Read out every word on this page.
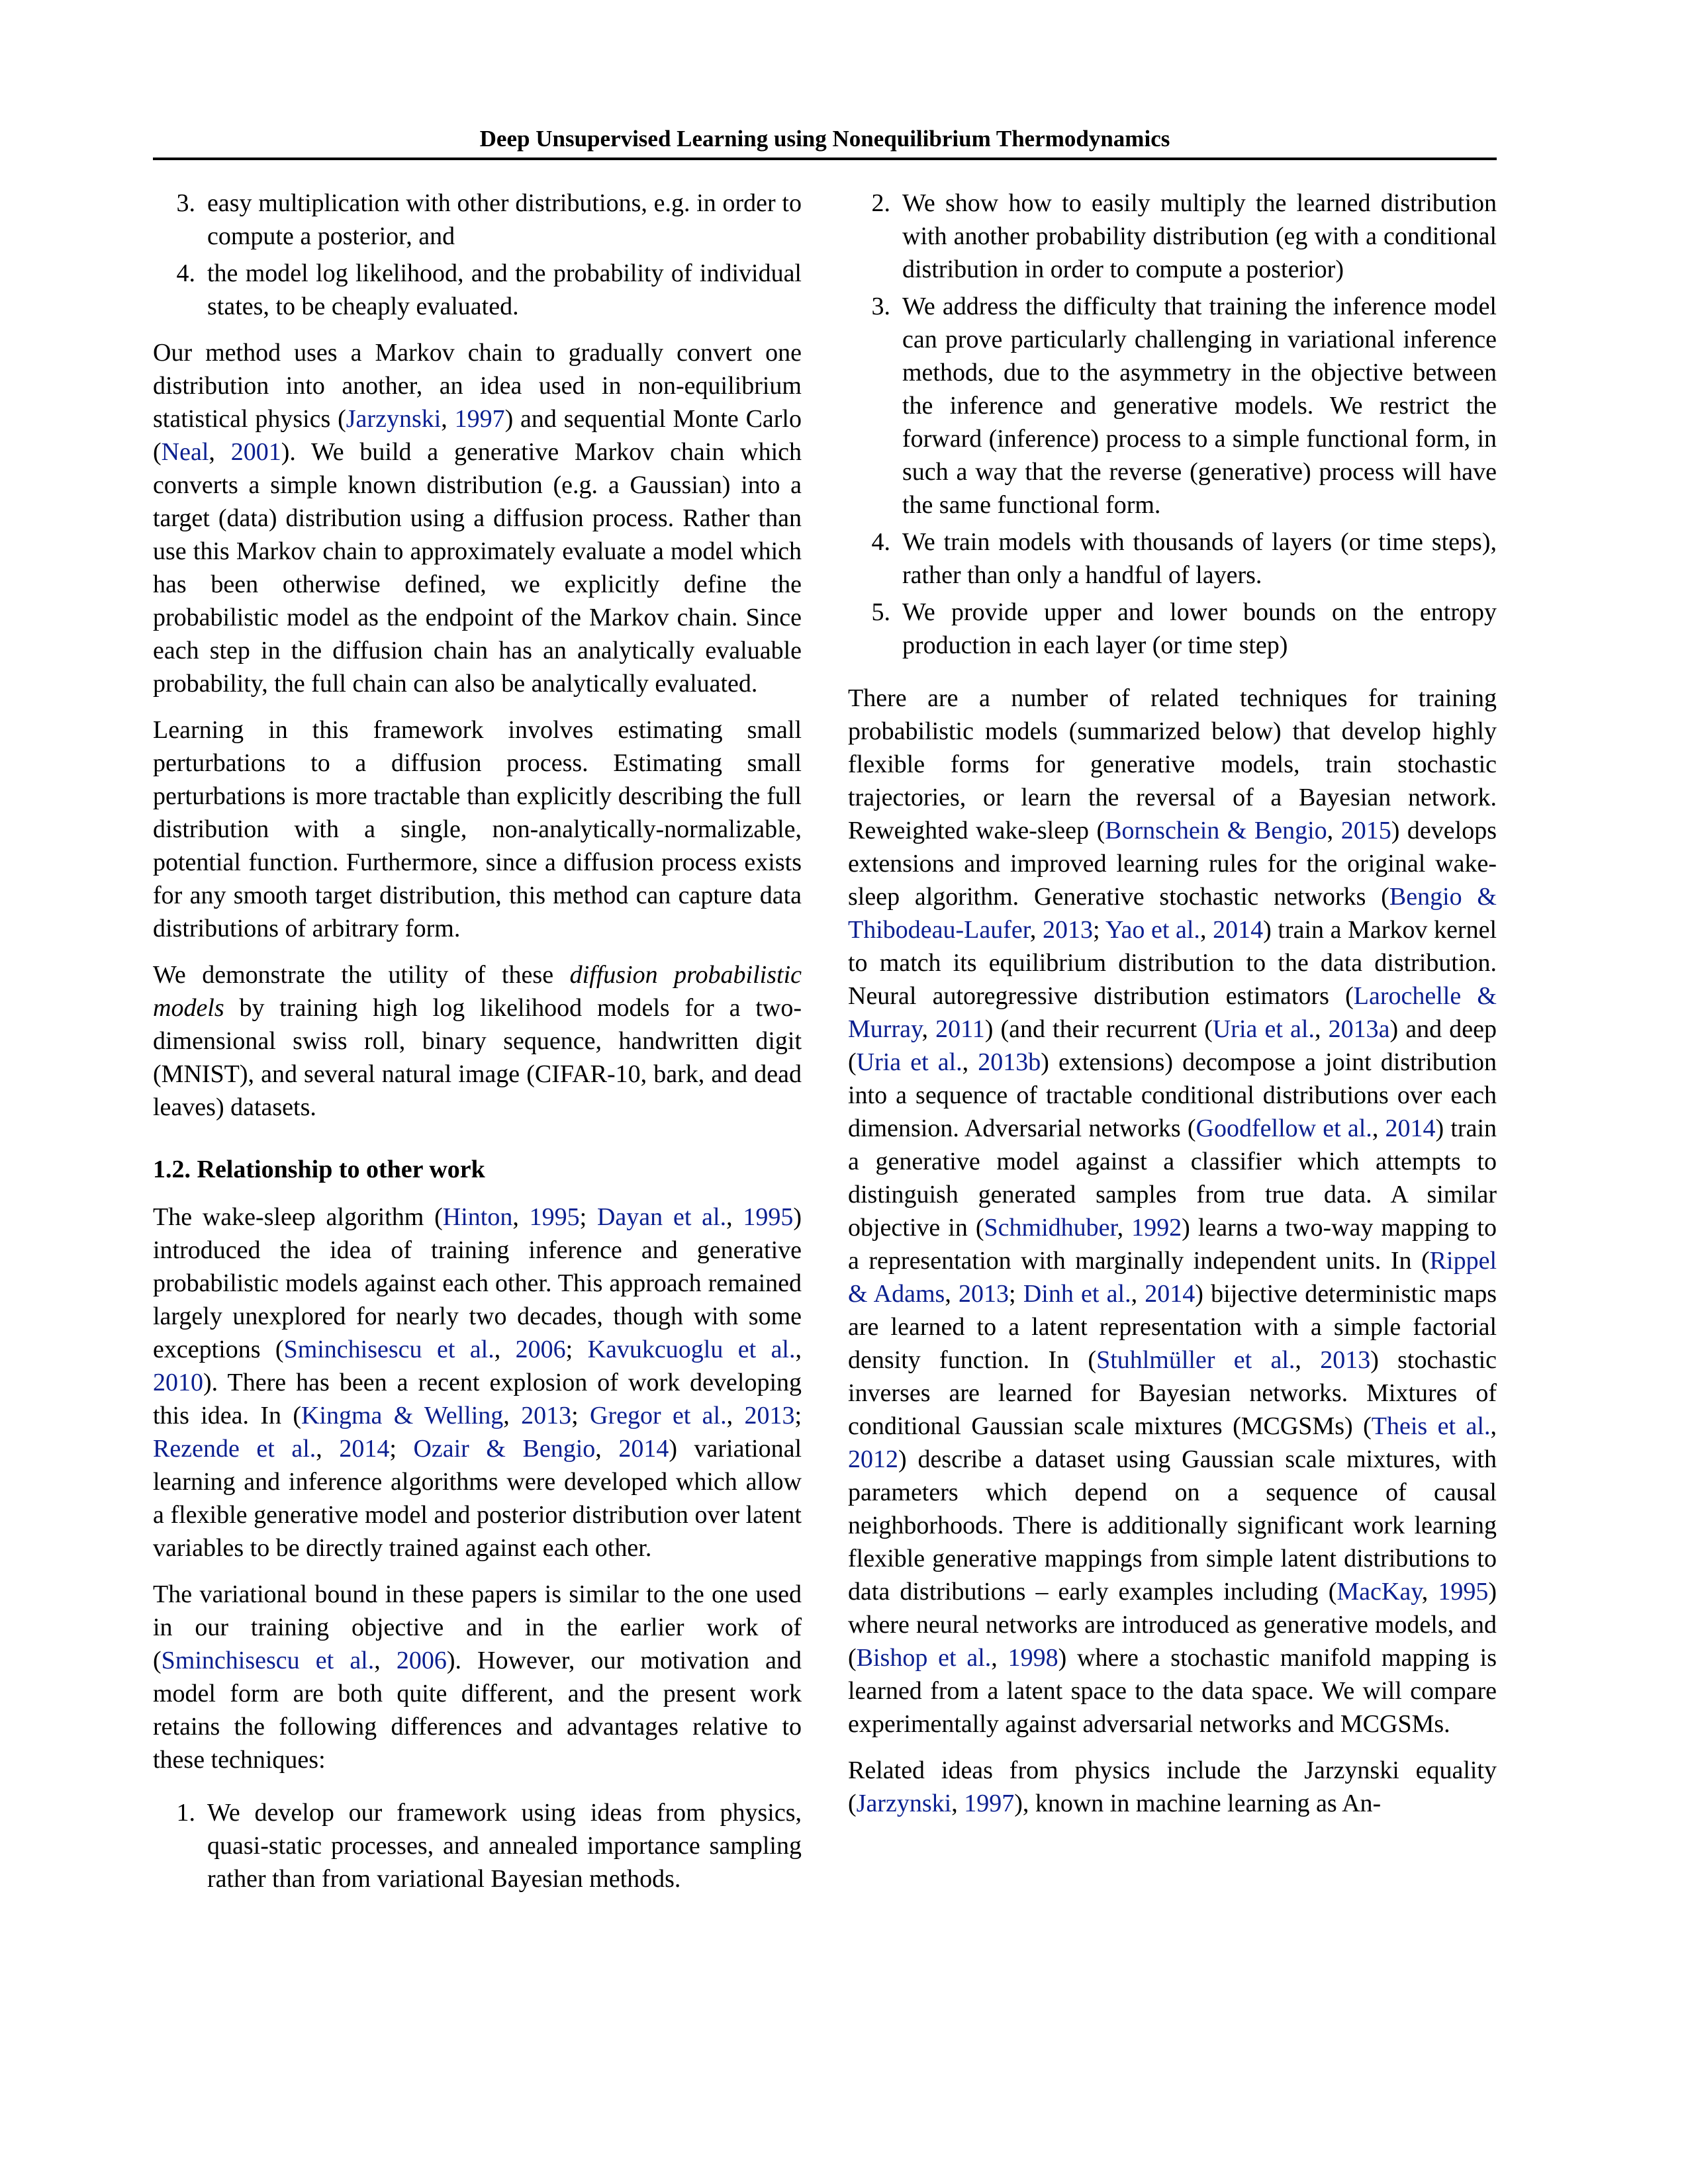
Deep Unsupervised Learning using Nonequilibrium Thermodynamics
3. easy multiplication with other distributions, e.g. in order to compute a posterior, and
4. the model log likelihood, and the probability of individual states, to be cheaply evaluated.

Our method uses a Markov chain to gradually convert one distribution into another, an idea used in non-equilibrium statistical physics (Jarzynski, 1997) and sequential Monte Carlo (Neal, 2001). We build a generative Markov chain which converts a simple known distribution (e.g. a Gaussian) into a target (data) distribution using a diffusion process. Rather than use this Markov chain to approximately evaluate a model which has been otherwise defined, we explicitly define the probabilistic model as the endpoint of the Markov chain. Since each step in the diffusion chain has an analytically evaluable probability, the full chain can also be analytically evaluated.

Learning in this framework involves estimating small perturbations to a diffusion process. Estimating small perturbations is more tractable than explicitly describing the full distribution with a single, non-analytically-normalizable, potential function. Furthermore, since a diffusion process exists for any smooth target distribution, this method can capture data distributions of arbitrary form.

We demonstrate the utility of these diffusion probabilistic models by training high log likelihood models for a two-dimensional swiss roll, binary sequence, handwritten digit (MNIST), and several natural image (CIFAR-10, bark, and dead leaves) datasets.

1.2. Relationship to other work

The wake-sleep algorithm (Hinton, 1995; Dayan et al., 1995) introduced the idea of training inference and generative probabilistic models against each other. This approach remained largely unexplored for nearly two decades, though with some exceptions (Sminchisescu et al., 2006; Kavukcuoglu et al., 2010). There has been a recent explosion of work developing this idea. In (Kingma & Welling, 2013; Gregor et al., 2013; Rezende et al., 2014; Ozair & Bengio, 2014) variational learning and inference algorithms were developed which allow a flexible generative model and posterior distribution over latent variables to be directly trained against each other.

The variational bound in these papers is similar to the one used in our training objective and in the earlier work of (Sminchisescu et al., 2006). However, our motivation and model form are both quite different, and the present work retains the following differences and advantages relative to these techniques:

1. We develop our framework using ideas from physics, quasi-static processes, and annealed importance sampling rather than from variational Bayesian methods.
2. We show how to easily multiply the learned distribution with another probability distribution (eg with a conditional distribution in order to compute a posterior)
3. We address the difficulty that training the inference model can prove particularly challenging in variational inference methods, due to the asymmetry in the objective between the inference and generative models. We restrict the forward (inference) process to a simple functional form, in such a way that the reverse (generative) process will have the same functional form.
4. We train models with thousands of layers (or time steps), rather than only a handful of layers.
5. We provide upper and lower bounds on the entropy production in each layer (or time step)

There are a number of related techniques for training probabilistic models (summarized below) that develop highly flexible forms for generative models, train stochastic trajectories, or learn the reversal of a Bayesian network. Reweighted wake-sleep (Bornschein & Bengio, 2015) develops extensions and improved learning rules for the original wake-sleep algorithm. Generative stochastic networks (Bengio & Thibodeau-Laufer, 2013; Yao et al., 2014) train a Markov kernel to match its equilibrium distribution to the data distribution. Neural autoregressive distribution estimators (Larochelle & Murray, 2011) (and their recurrent (Uria et al., 2013a) and deep (Uria et al., 2013b) extensions) decompose a joint distribution into a sequence of tractable conditional distributions over each dimension. Adversarial networks (Goodfellow et al., 2014) train a generative model against a classifier which attempts to distinguish generated samples from true data. A similar objective in (Schmidhuber, 1992) learns a two-way mapping to a representation with marginally independent units. In (Rippel & Adams, 2013; Dinh et al., 2014) bijective deterministic maps are learned to a latent representation with a simple factorial density function. In (Stuhlmüller et al., 2013) stochastic inverses are learned for Bayesian networks. Mixtures of conditional Gaussian scale mixtures (MCGSMs) (Theis et al., 2012) describe a dataset using Gaussian scale mixtures, with parameters which depend on a sequence of causal neighborhoods. There is additionally significant work learning flexible generative mappings from simple latent distributions to data distributions – early examples including (MacKay, 1995) where neural networks are introduced as generative models, and (Bishop et al., 1998) where a stochastic manifold mapping is learned from a latent space to the data space. We will compare experimentally against adversarial networks and MCGSMs.

Related ideas from physics include the Jarzynski equality (Jarzynski, 1997), known in machine learning as An-
